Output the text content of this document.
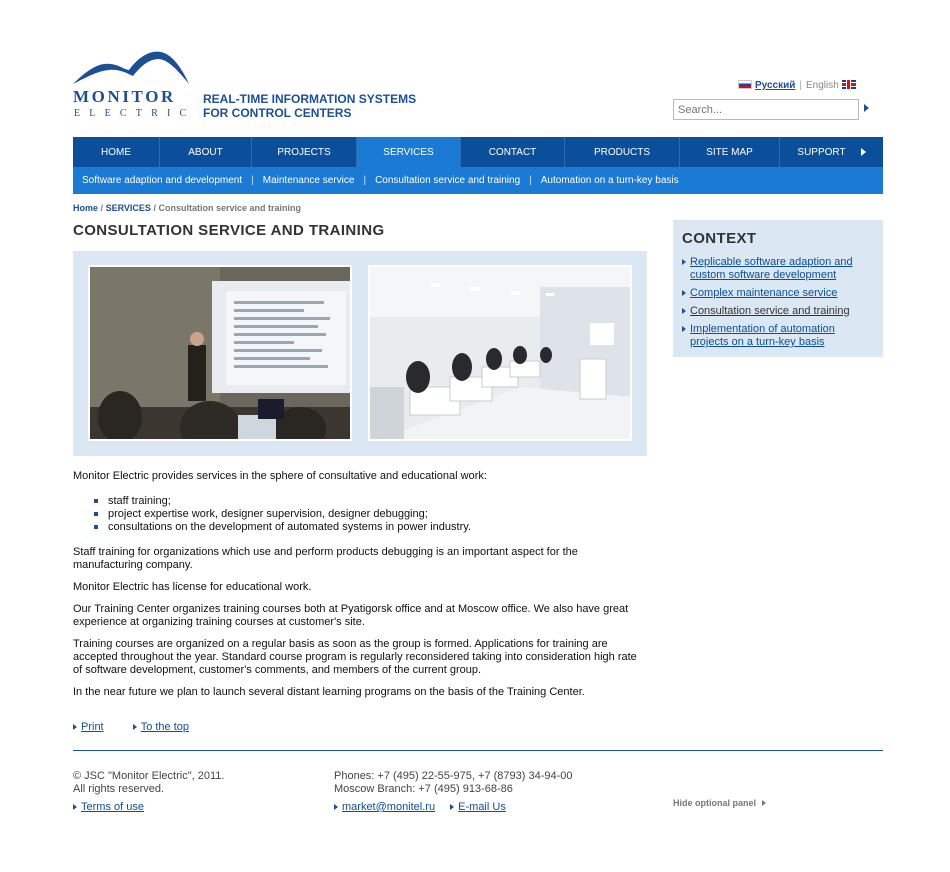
MONITOR
ELECTRIC
REAL-TIME INFORMATION SYSTEMS
FOR CONTROL CENTERS
Русский | English
Search...
HOME	ABOUT	PROJECTS	SERVICES	CONTACT	PRODUCTS	SITE MAP	SUPPORT
Software adaption and development | Maintenance service | Consultation service and training | Automation on a turn-key basis
Home / SERVICES / Consultation service and training
CONSULTATION SERVICE AND TRAINING

Monitor Electric provides services in the sphere of consultative and educational work:

staff training;
project expertise work, designer supervision, designer debugging;
consultations on the development of automated systems in power industry.

Staff training for organizations which use and perform products debugging is an important aspect for the manufacturing company.

Monitor Electric has license for educational work.

Our Training Center organizes training courses both at Pyatigorsk office and at Moscow office. We also have great experience at organizing training courses at customer's site.

Training courses are organized on a regular basis as soon as the group is formed. Applications for training are accepted throughout the year. Standard course program is regularly reconsidered taking into consideration high rate of software development, customer's comments, and members of the current group.

In the near future we plan to launch several distant learning programs on the basis of the Training Center.

Print	To the top
CONTEXT
Replicable software adaption and custom software development
Complex maintenance service
Consultation service and training
Implementation of automation projects on a turn-key basis
© JSC "Monitor Electric", 2011.
All rights reserved.
Terms of use
Phones: +7 (495) 22-55-975, +7 (8793) 34-94-00
Moscow Branch: +7 (495) 913-68-86
market@monitel.ru E-mail Us	Hide optional panel
